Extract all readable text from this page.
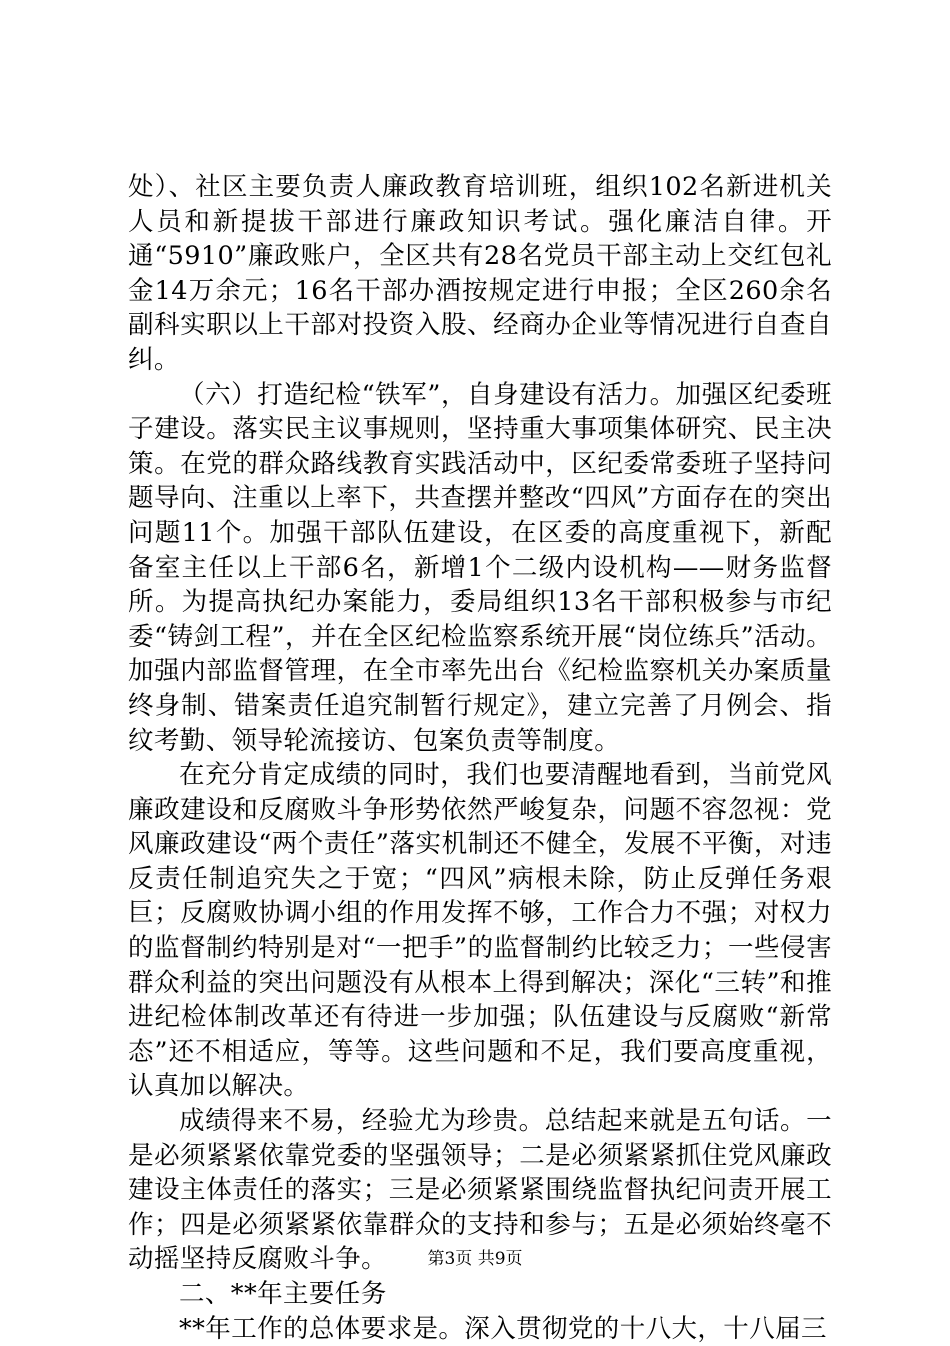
处）、社区主要负责人廉政教育培训班，组织102名新进机关人员和新提拔干部进行廉政知识考试。强化廉洁自律。开通“5910”廉政账户，全区共有28名党员干部主动上交红包礼金14万余元；16名干部办酒按规定进行申报；全区260余名副科实职以上干部对投资入股、经商办企业等情况进行自查自纠。

（六）打造纪检“铁军”，自身建设有活力。加强区纪委班子建设。落实民主议事规则，坚持重大事项集体研究、民主决策。在党的群众路线教育实践活动中，区纪委常委班子坚持问题导向、注重以上率下，共查摆并整改“四风”方面存在的突出问题11个。加强干部队伍建设，在区委的高度重视下，新配备室主任以上干部6名，新增1个二级内设机构——财务监督所。为提高执纪办案能力，委局组织13名干部积极参与市纪委“铸剑工程”，并在全区纪检监察系统开展“岗位练兵”活动。加强内部监督管理，在全市率先出台《纪检监察机关办案质量终身制、错案责任追究制暂行规定》，建立完善了月例会、指纹考勤、领导轮流接访、包案负责等制度。

在充分肯定成绩的同时，我们也要清醒地看到，当前党风廉政建设和反腐败斗争形势依然严峻复杂，问题不容忽视：党风廉政建设“两个责任”落实机制还不健全，发展不平衡，对违反责任制追究失之于宽；“四风”病根未除，防止反弹任务艰巨；反腐败协调小组的作用发挥不够，工作合力不强；对权力的监督制约特别是对“一把手”的监督制约比较乏力；一些侵害群众利益的突出问题没有从根本上得到解决；深化“三转”和推进纪检体制改革还有待进一步加强；队伍建设与反腐败“新常态”还不相适应，等等。这些问题和不足，我们要高度重视，认真加以解决。

成绩得来不易，经验尤为珍贵。总结起来就是五句话。一是必须紧紧依靠党委的坚强领导；二是必须紧紧抓住党风廉政建设主体责任的落实；三是必须紧紧围绕监督执纪问责开展工作；四是必须紧紧依靠群众的支持和参与；五是必须始终毫不动摇坚持反腐败斗争。

二、**年主要任务

**年工作的总体要求是。深入贯彻党的十八大，十八届三

第3页 共9页
